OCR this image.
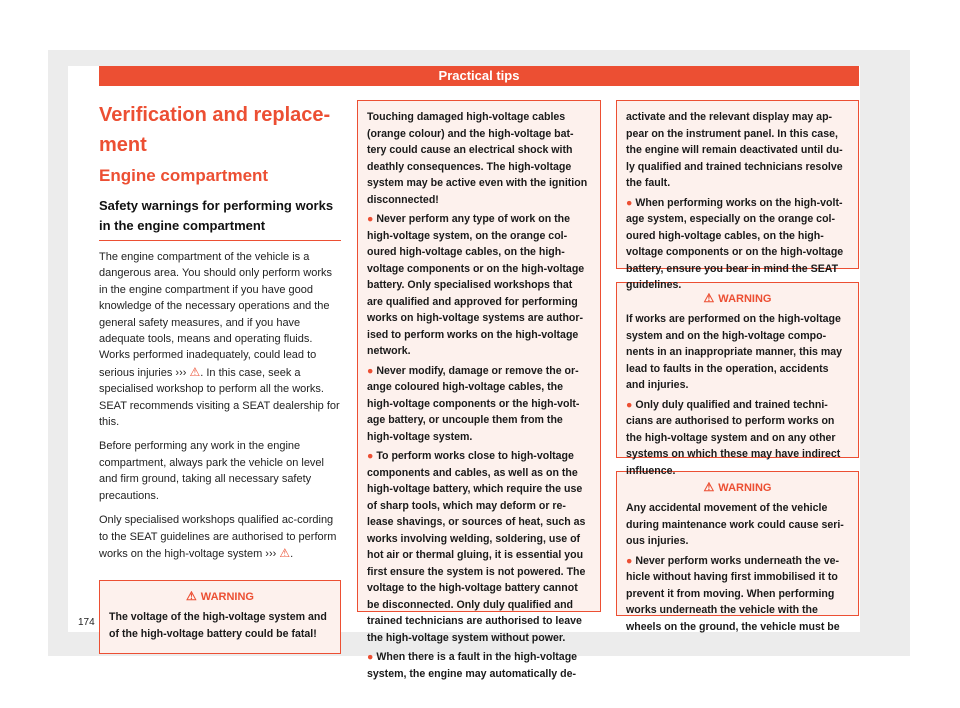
Practical tips
174
Verification and replace-ment
Engine compartment
Safety warnings for performing works in the engine compartment

The engine compartment of the vehicle is a dangerous area. You should only perform works in the engine compartment if you have good knowledge of the necessary operations and the general safety measures, and if you have adequate tools, means and operating fluids. Works performed inadequately, could lead to serious injuries ››› ⚠. In this case, seek a specialised workshop to perform all the works. SEAT recommends visiting a SEAT dealership for this.

Before performing any work in the engine compartment, always park the vehicle on level and firm ground, taking all necessary safety precautions.

Only specialised workshops qualified ac-cording to the SEAT guidelines are authorised to perform works on the high-voltage system ››› ⚠.

⚠ WARNING

The voltage of the high-voltage system and of the high-voltage battery could be fatal!

Touching damaged high-voltage cables (orange colour) and the high-voltage bat-tery could cause an electrical shock with deathly consequences. The high-voltage system may be active even with the ignition disconnected!

● Never perform any type of work on the high-voltage system, on the orange col-oured high-voltage cables, on the high-voltage components or on the high-voltage battery. Only specialised workshops that are qualified and approved for performing works on high-voltage systems are author-ised to perform works on the high-voltage network.

● Never modify, damage or remove the or-ange coloured high-voltage cables, the high-voltage components or the high-volt-age battery, or uncouple them from the high-voltage system.

● To perform works close to high-voltage components and cables, as well as on the high-voltage battery, which require the use of sharp tools, which may deform or re-lease shavings, or sources of heat, such as works involving welding, soldering, use of hot air or thermal gluing, it is essential you first ensure the system is not powered. The voltage to the high-voltage battery cannot be disconnected. Only duly qualified and trained technicians are authorised to leave the high-voltage system without power.

● When there is a fault in the high-voltage system, the engine may automatically de-

activate and the relevant display may ap-pear on the instrument panel. In this case, the engine will remain deactivated until du-ly qualified and trained technicians resolve the fault.

● When performing works on the high-volt-age system, especially on the orange col-oured high-voltage cables, on the high-voltage components or on the high-voltage battery, ensure you bear in mind the SEAT guidelines.

⚠ WARNING

If works are performed on the high-voltage system and on the high-voltage compo-nents in an inappropriate manner, this may lead to faults in the operation, accidents and injuries.

● Only duly qualified and trained techni-cians are authorised to perform works on the high-voltage system and on any other systems on which these may have indirect influence.

⚠ WARNING

Any accidental movement of the vehicle during maintenance work could cause seri-ous injuries.

● Never perform works underneath the ve-hicle without having first immobilised it to prevent it from moving. When performing works underneath the vehicle with the wheels on the ground, the vehicle must be
